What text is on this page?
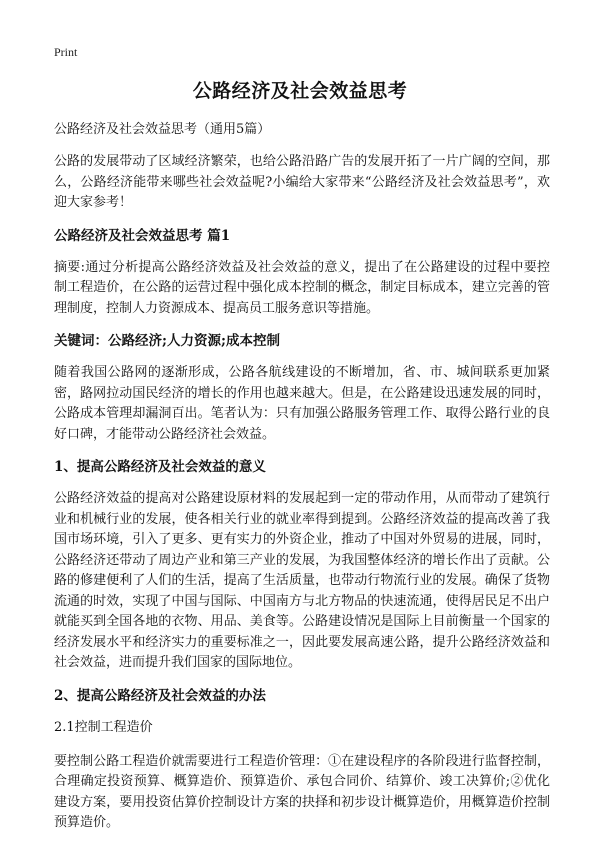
Print
公路经济及社会效益思考

公路经济及社会效益思考（通用5篇）

公路的发展带动了区域经济繁荣，也给公路沿路广告的发展开拓了一片广阔的空间，那么，公路经济能带来哪些社会效益呢?小编给大家带来“公路经济及社会效益思考”，欢迎大家参考！

公路经济及社会效益思考 篇1

摘要:通过分析提高公路经济效益及社会效益的意义，提出了在公路建设的过程中要控制工程造价，在公路的运营过程中强化成本控制的概念，制定目标成本，建立完善的管理制度，控制人力资源成本、提高员工服务意识等措施。

关键词：公路经济;人力资源;成本控制

随着我国公路网的逐渐形成，公路各航线建设的不断增加，省、市、城间联系更加紧密，路网拉动国民经济的增长的作用也越来越大。但是，在公路建设迅速发展的同时，公路成本管理却漏洞百出。笔者认为：只有加强公路服务管理工作、取得公路行业的良好口碑，才能带动公路经济社会效益。

1、提高公路经济及社会效益的意义

公路经济效益的提高对公路建设原材料的发展起到一定的带动作用，从而带动了建筑行业和机械行业的发展，使各相关行业的就业率得到提到。公路经济效益的提高改善了我国市场环境，引入了更多、更有实力的外资企业，推动了中国对外贸易的进展，同时，公路经济还带动了周边产业和第三产业的发展，为我国整体经济的增长作出了贡献。公路的修建便利了人们的生活，提高了生活质量，也带动行物流行业的发展。确保了货物流通的时效，实现了中国与国际、中国南方与北方物品的快速流通，使得居民足不出户就能买到全国各地的衣物、用品、美食等。公路建设情况是国际上目前衡量一个国家的经济发展水平和经济实力的重要标准之一，因此要发展高速公路，提升公路经济效益和社会效益，进而提升我们国家的国际地位。

2、提高公路经济及社会效益的办法

2.1控制工程造价

要控制公路工程造价就需要进行工程造价管理：①在建设程序的各阶段进行监督控制，合理确定投资预算、概算造价、预算造价、承包合同价、结算价、竣工决算价;②优化建设方案，要用投资估算价控制设计方案的抉择和初步设计概算造价，用概算造价控制预算造价。
